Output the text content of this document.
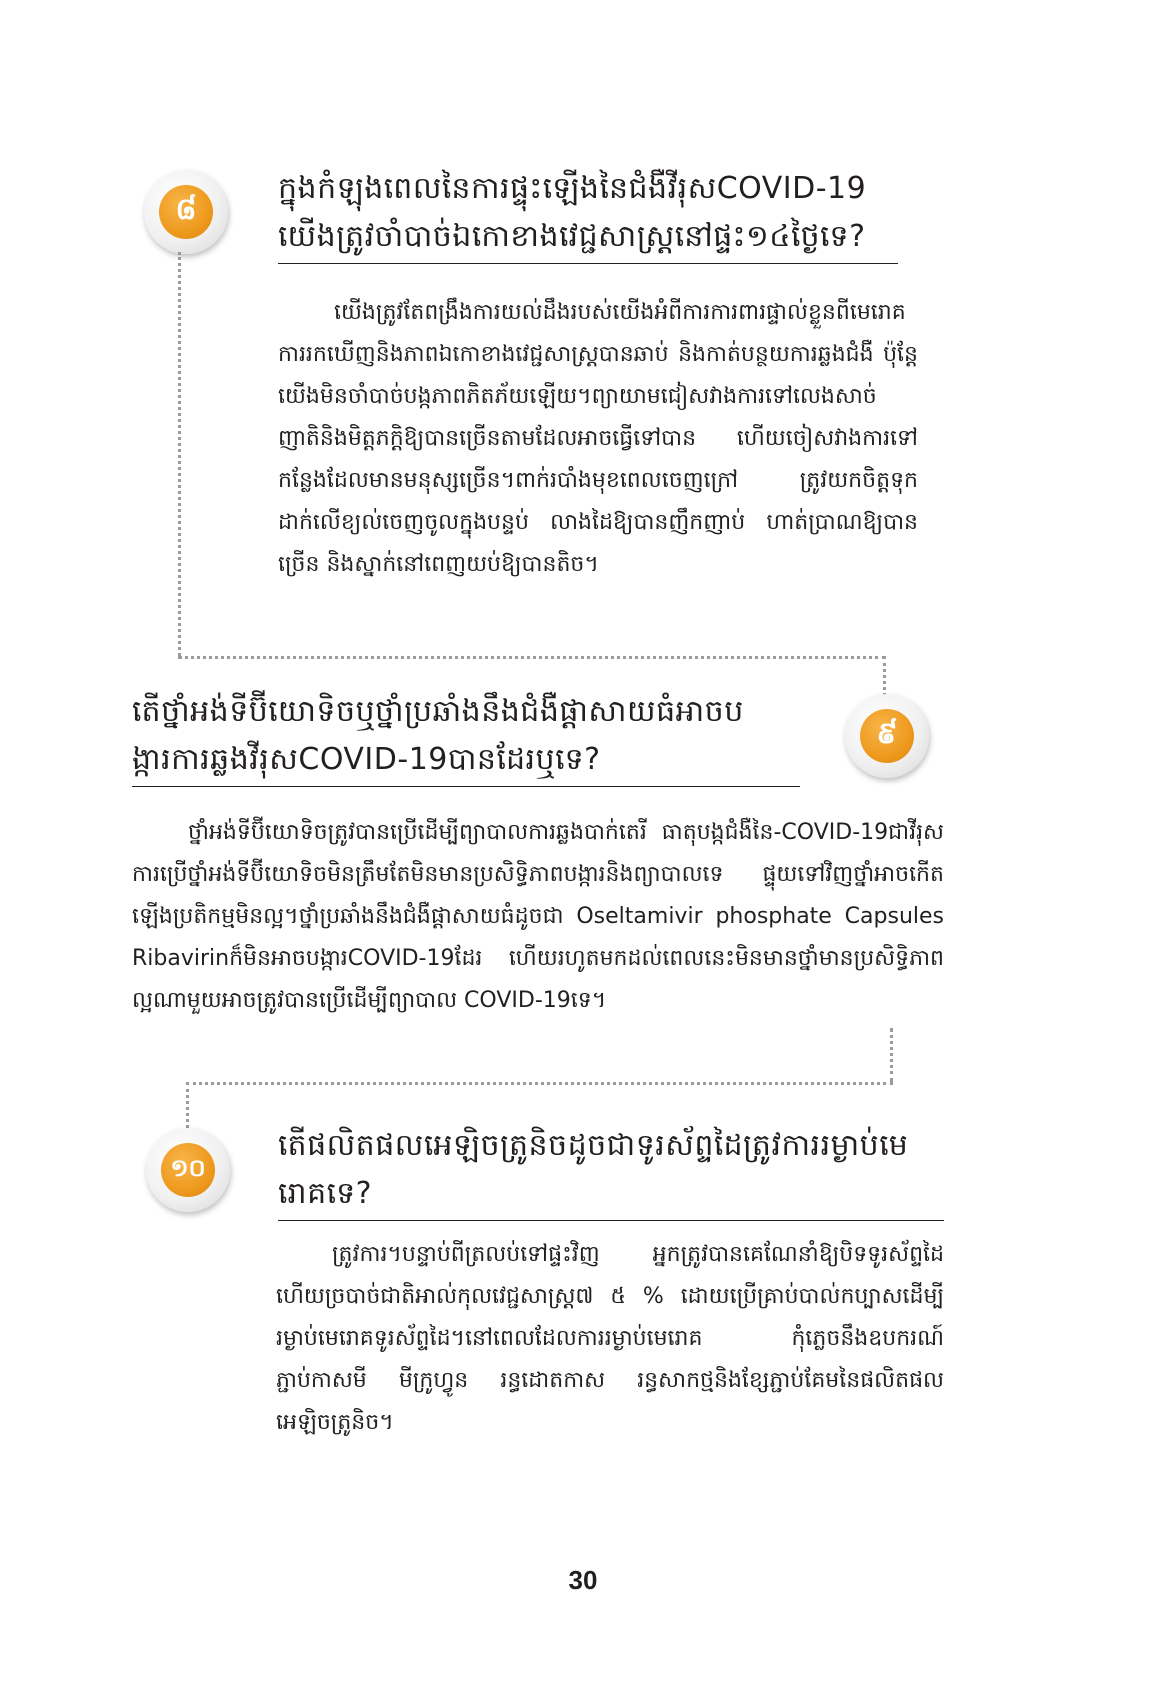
៨
ក្នុងកំឡុងពេលនៃការផ្ទុះឡើងនៃជំងឺវីរុសCOVID-19
យើងត្រូវចាំបាច់ឯកោខាងវេជ្ជសាស្រ្តនៅផ្ទះ១៤ថ្ងៃទេ?

យើងត្រូវតែពង្រឹងការយល់ដឹងរបស់យើងអំពីការការពារផ្ទាល់ខ្លួនពីមេរោគ ការរកឃើញនិងភាពឯកោខាងវេជ្ជសាស្ត្របានឆាប់ និងកាត់បន្ថយការឆ្លងជំងឺ ប៉ុន្តែយើងមិនចាំបាច់បង្កភាពភិតភ័យឡើយ។ព្យាយាមជៀសវាងការទៅលេងសាច់ញាតិនិងមិត្តភក្តិឱ្យបានច្រើនតាមដែលអាចធ្វើទៅបាន ហើយចៀសវាងការទៅកន្លែងដែលមានមនុស្សច្រើន។ពាក់របាំងមុខពេលចេញក្រៅ ត្រូវយកចិត្តទុកដាក់លើខ្យល់ចេញចូលក្នុងបន្ទប់ លាងដៃឱ្យបានញឹកញាប់ ហាត់ប្រាណឱ្យបានច្រើន និងស្នាក់នៅពេញយប់ឱ្យបានតិច។

តើថ្នាំអង់ទីប៊ីយោទិចឬថ្នាំប្រឆាំងនឹងជំងឺផ្តាសាយធំអាចប
ង្ការការឆ្លងវីរុសCOVID-19បានដែរឬទេ?
៩

ថ្នាំអង់ទីប៊ីយោទិចត្រូវបានប្រើដើម្បីព្យាបាលការឆ្លងបាក់តេរី ធាតុបង្កជំងឺនៃ-COVID-19ជាវីរុស ការប្រើថ្នាំអង់ទីប៊ីយោទិចមិនត្រឹមតែមិនមានប្រសិទ្ធិភាពបង្ការនិងព្យាបាលទេ ផ្ទុយទៅវិញថ្នាំអាចកើតឡើងប្រតិកម្មមិនល្អ។ថ្នាំប្រឆាំងនឹងជំងឺផ្តាសាយធំដូចជា Oseltamivir phosphate Capsules Ribavirinក៏មិនអាចបង្ការCOVID-19ដែរ ហើយរហូតមកដល់ពេលនេះមិនមានថ្នាំមានប្រសិទ្ធិភាពល្អណាមួយអាចត្រូវបានប្រើដើម្បីព្យាបាល COVID-19ទេ។

១០
តើផលិតផលអេឡិចត្រូនិចដូចជាទូរស័ព្ទដៃត្រូវការរម្ងាប់មេ
រោគទេ?

ត្រូវការ។បន្ទាប់ពីត្រលប់ទៅផ្ទះវិញ អ្នកត្រូវបានគេណែនាំឱ្យបិទទូរស័ព្ទដៃហើយច្របាច់ជាតិអាល់កុលវេជ្ជសាស្ត្រ៧ ៥ % ដោយប្រើគ្រាប់បាល់កប្បាសដើម្បីរម្ងាប់មេរោគទូរស័ព្ទដៃ។នៅពេលដែលការរម្ងាប់មេរោគ កុំភ្លេចនឹងឧបករណ៍ភ្ជាប់កាសមី មីក្រូហ្វូន រន្ធដោតកាស រន្ធសាកថ្មនិងខ្សែភ្ជាប់គែមនៃផលិតផលអេឡិចត្រូនិច។

30
